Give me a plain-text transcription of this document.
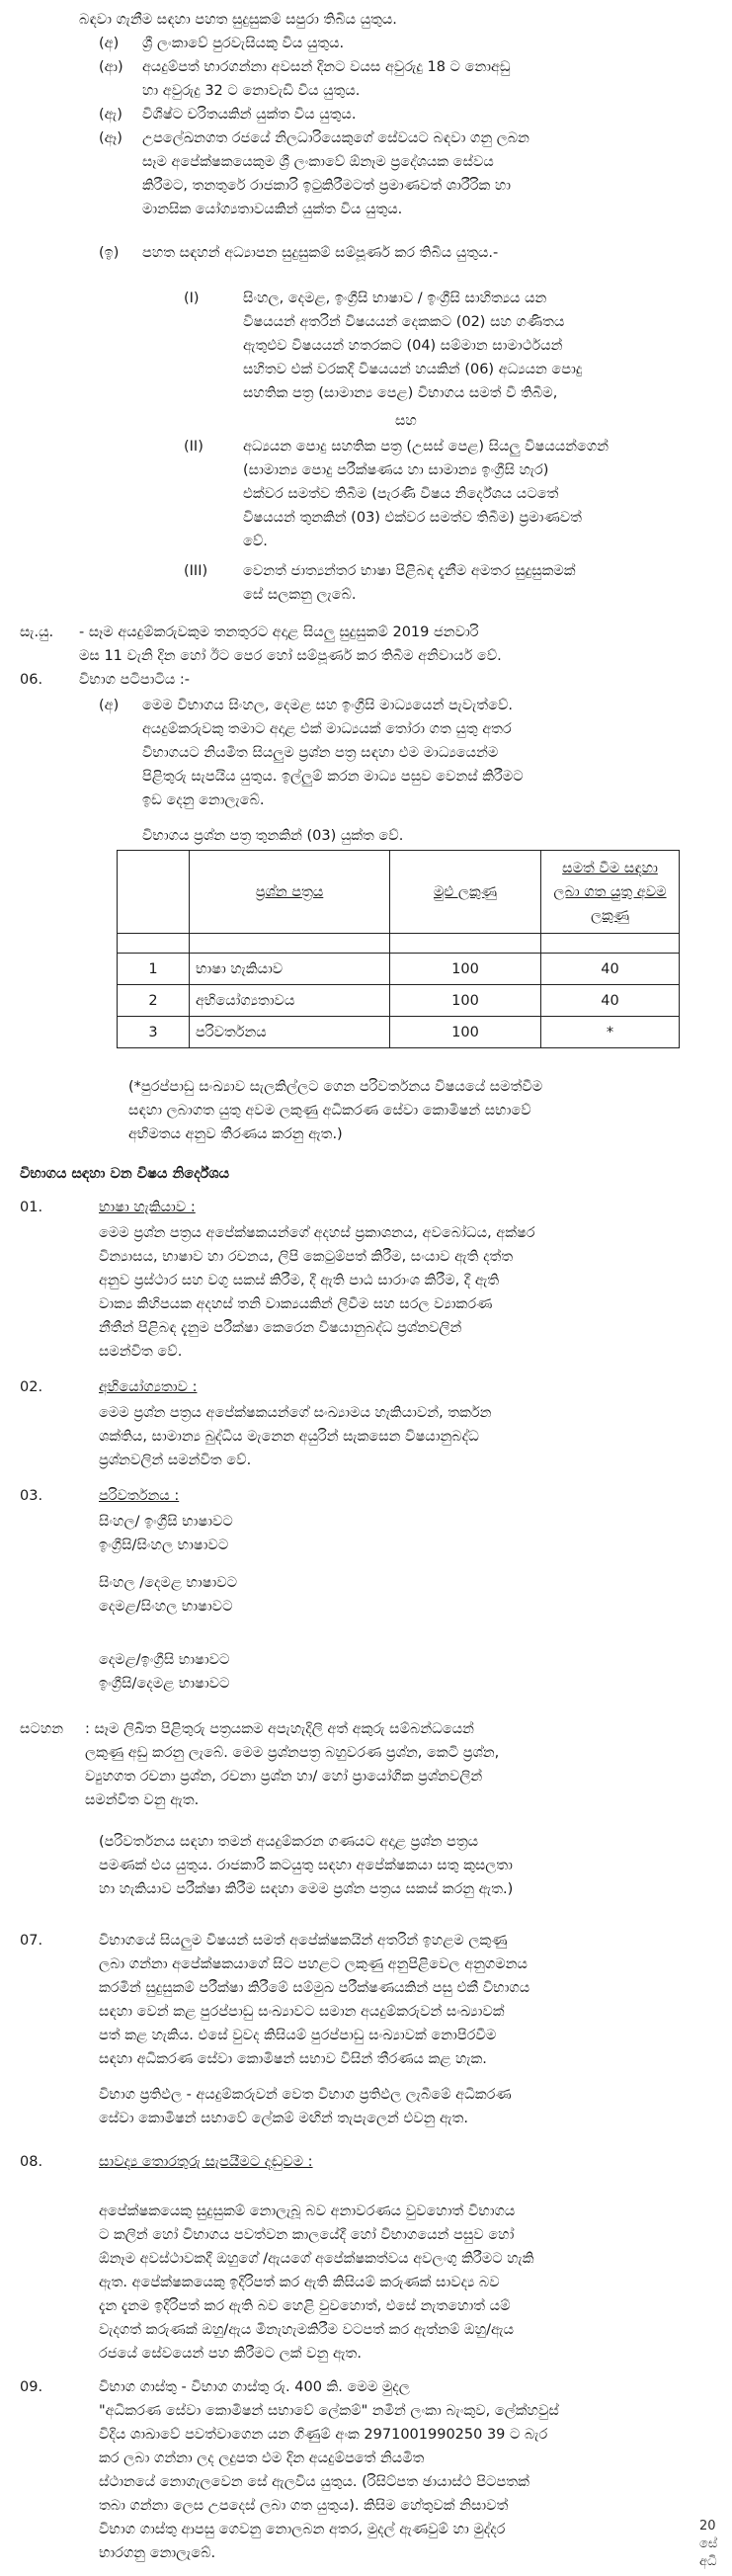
බඳවා ගැනීම සඳහා පහත සුදුසුකම් සපුරා තිබිය යුතුය.
(අ) ශ්‍රී ලංකාවේ පුරවැසියකු විය යුතුය.
(ආ) අයදුම්පත් භාරගන්නා අවසන් දිනට වයස අවුරුදු 18 ට නොඅඩු
හා අවුරුදු 32 ට නොවැඩි විය යුතුය.
(ඇ) විශිෂ්ට චරිතයකින් යුක්ත විය යුතුය.
(ඈ) උපලේඛනගත රජයේ නිලධාරියෙකුගේ සේවයට බඳවා ගනු ලබන
සෑම අපේක්ෂකයෙකුම ශ්‍රී ලංකාවේ ඕනෑම ප්‍රදේශයක සේවය
කිරීමට, තනතුරේ රාජකාරි ඉටුකිරීමටත් ප්‍රමාණවත් ශාරීරික හා
මානසික යෝග්‍යතාවයකින් යුක්ත විය යුතුය.
(ඉ) පහත සඳහන් අධ්‍යාපන සුදුසුකම් සම්පූර්ණ කර තිබිය යුතුය.-
(I)	සිංහල, දෙමළ, ඉංග්‍රීසි භාෂාව / ඉංග්‍රීසි සාහිත්‍යය යන
විෂයයන් අතරින් විෂයයන් දෙකකට (02) සහ ගණිතය
ඇතුළුව විෂයයන් හතරකට (04) සම්මාන සාමාර්ථයන්
සහිතව එක් වරකදී විෂයයන් හයකින් (06) අධ්‍යයන පොදු
සහතික පත්‍ර (සාමාන්‍ය පෙළ) විභාගය සමත් වී තිබීම,
සහ
(II)	අධ්‍යයන පොදු සහතික පත්‍ර (උසස් පෙළ) සියලු විෂයයන්ගෙන්
(සාමාන්‍ය පොදු පරීක්ෂණය හා සාමාන්‍ය ඉංග්‍රීසි හැර)
එක්වර සමත්ව තිබීම (පැරණි විෂය නිර්දේශය යටතේ
විෂයයන් තුනකින් (03) එක්වර සමත්ව තිබීම) ප්‍රමාණවත්
වේ.
(III) වෙනත් ජාත්‍යන්තර භාෂා පිළිබඳ දැනීම අමතර සුදුසුකමක්
සේ සලකනු ලැබේ.
සැ.යු. - සෑම අයදුම්කරුවකුම තනතුරට අදාළ සියලු සුදුසුකම් 2019 ජනවාරි
මස 11 වැනි දින හෝ ඊට පෙර හෝ සම්පූර්ණ කර තිබීම අනිවාර්ය වේ.
06.	විභාග පටිපාටිය :-
(අ) මෙම විභාගය සිංහල, දෙමළ සහ ඉංග්‍රීසි මාධ්‍යයෙන් පැවැත්වේ.
අයදුම්කරුවකු තමාට අදාළ එක් මාධ්‍යයක් තෝරා ගත යුතු අතර
විභාගයට නියමිත සියලුම ප්‍රශ්න පත්‍ර සඳහා එම මාධ්‍යයෙන්ම
පිළිතුරු සැපයිය යුතුය. ඉල්ලුම් කරන මාධ්‍ය පසුව වෙනස් කිරීමට
ඉඩ දෙනු නොලැබේ.
විභාගය ප්‍රශ්න පත්‍ර තුනකින් (03) යුක්ත වේ.
	ප්‍රශ්න පත්‍රය	මුළු ලකුණු	සමත් වීම සඳහා
ලබා ගත යුතු අවම
ලකුණු

1	භාෂා හැකියාව	100	40
2	අභියෝග්‍යතාවය	100	40
3	පරිවර්තනය	100	*
(*පුරප්පාඩු සංඛ්‍යාව සැලකිල්ලට ගෙන පරිවර්තනය විෂයයේ සමත්වීම
සඳහා ලබාගත යුතු අවම ලකුණු අධිකරණ සේවා කොමිෂන් සභාවේ
අභිමතය අනුව තීරණය කරනු ඇත.)
විභාගය සඳහා වන විෂය නිර්දේශය
01.	භාෂා හැකියාව :
මෙම ප්‍රශ්න පත්‍රය අපේක්ෂකයන්ගේ අදහස් ප්‍රකාශනය, අවබෝධය, අක්ෂර
වින්‍යාසය, භාෂාව හා රචනය, ලිපි කෙටුම්පත් කිරීම, සංයාව ඇති දත්ත
අනුව ප්‍රස්ථාර සහ වගු සකස් කිරීම, දී ඇති පාඨ සාරාංශ කිරීම, දී ඇති
වාක්‍ය කිහිපයක අදහස් තනි වාක්‍යයකින් ලිවීම සහ සරල ව්‍යාකරණ
නීතීන් පිළිබඳ දැනුම පරීක්ෂා කෙරෙන විෂයානුබද්ධ ප්‍රශ්නවලින්
සමන්විත වේ.
02.	අභියෝග්‍යතාව :
මෙම ප්‍රශ්න පත්‍රය අපේක්ෂකයන්ගේ සංඛ්‍යාමය හැකියාවන්, තර්කන
ශක්තිය, සාමාන්‍ය බුද්ධිය මැනෙන අයුරින් සැකසෙන විෂයානුබද්ධ
ප්‍රශ්නවලින් සමන්විත වේ.
03.	පරිවර්තනය :
සිංහල/ ඉංග්‍රීසි භාෂාවට
ඉංග්‍රීසි/සිංහල භාෂාවට
සිංහල /දෙමළ භාෂාවට
දෙමළ/සිංහල භාෂාවට
දෙමළ/ඉංග්‍රීසි භාෂාවට
ඉංග්‍රීසි/දෙමළ භාෂාවට
සටහන : සෑම ලිඛිත පිළිතුරු පත්‍රයකම අපැහැදිලි අත් අකුරු සම්බන්ධයෙන්
ලකුණු අඩු කරනු ලැබේ. මෙම ප්‍රශ්නපත්‍ර බහුවරණ ප්‍රශ්න, කෙටි ප්‍රශ්න,
ව්‍යුහගත රචනා ප්‍රශ්න, රචනා ප්‍රශ්න හා/ හෝ ප්‍රායෝගික ප්‍රශ්නවලින්
සමන්විත වනු ඇත.
(පරිවර්තනය සඳහා තමන් අයදුම්කරන ගණයට අදාළ ප්‍රශ්න පත්‍රය
පමණක් එය යුතුය. රාජකාරි කටයුතු සඳහා අපේක්ෂකයා සතු කුසලතා
හා හැකියාව පරීක්ෂා කිරීම සඳහා මෙම ප්‍රශ්න පත්‍රය සකස් කරනු ඇත.)
07.	විභාගයේ සියලුම විෂයන් සමත් අපේක්ෂකයින් අතරින් ඉහළම ලකුණු
ලබා ගන්නා අපේක්ෂකයාගේ සිට පහළට ලකුණු අනුපිළිවෙල අනුගමනය
කරමින් සුදුසුකම් පරීක්ෂා කිරීමේ සම්මුඛ පරීක්ෂණයකින් පසු එකී විභාගය
සඳහා වෙන් කළ පුරප්පාඩු සංඛ්‍යාවට සමාන අයදුම්කරුවන් සංඛ්‍යාවක්
පත් කළ හැකිය. එසේ වුවද කිසියම් පුරප්පාඩු සංඛ්‍යාවක් නොපිරවීම
සඳහා අධිකරණ සේවා කොමිෂන් සභාව විසින් තීරණය කළ හැක.
විභාග ප්‍රතිඵල - අයදුම්කරුවන් වෙත විභාග ප්‍රතිඵල ලැබීමේ අධිකරණ
සේවා කොමිෂන් සභාවේ ලේකම් මඟින් තැපැලෙන් එවනු ඇත.
08.	සාවද්‍ය තොරතුරු සැපයීමට දඬුවම :
අපේක්ෂකයෙකු සුදුසුකම් නොලැබූ බව අනාවරණය වුවහොත් විභාගය
ට කලින් හෝ විභාගය පවත්වන කාලයේදී හෝ විභාගයෙන් පසුව හෝ
ඕනෑම අවස්ථාවකදී ඔහුගේ /ඇයගේ අපේක්ෂකත්වය අවලංගු කිරීමට හැකි
ඇත. අපේක්ෂකයෙකු ඉදිරිපත් කර ඇති කිසියම් කරුණක් සාවද්‍ය බව
දැන දැනම ඉදිරිපත් කර ඇති බව හෙළි වුවහොත්, එසේ නැතහොත් යම්
වැදගත් කරුණක් ඔහු/ඇය මිනැහැමකිරීම වටපත් කර ඇත්නම් ඔහු/ඇය
රජයේ සේවයෙන් පහ කිරීමට ලක් වනු ඇත.
09.	විභාග ගාස්තු - විභාග ගාස්තු රු. 400 කි. මෙම මුදල
"අධිකරණ සේවා කොමිෂන් සභාවේ ලේකම්" නමින් ලංකා බැංකුව, ලේක්හවුස්
විදිය ශාඛාවේ පවත්වාගෙන යන ගිණුම් අංක 2971001990250 39 ට බැර
කර ලබා ගන්නා ලද ලදුපත එම දින අයදුම්පතේ නියමිත
ස්ථානයේ නොගැලවෙන සේ ඇලවිය යුතුය. (රිසිට්පත ඡායාස්ථ පිටපතක්
තබා ගන්නා ලෙස උපදෙස් ලබා ගත යුතුය). කිසිම හේතුවක් නිසාවත්
විභාග ගාස්තු ආපසු ගෙවනු නොලබන අතර, මුදල් ඇණවුම් හා මුද්දර
භාරගනු නොලැබේ.
20
සේ
අධි
